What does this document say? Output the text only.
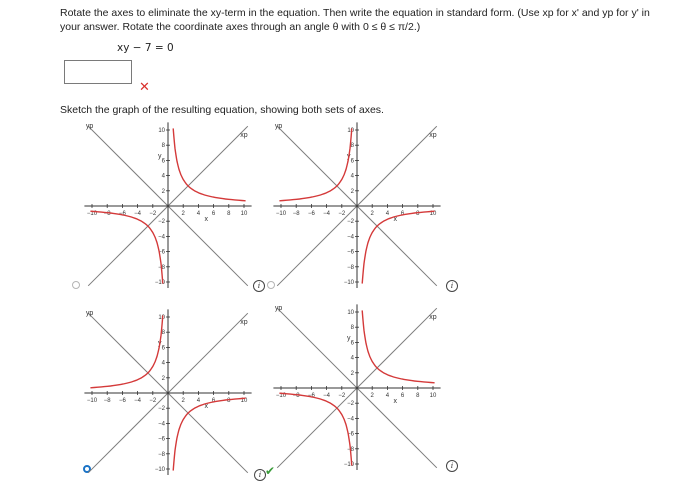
Rotate the axes to eliminate the xy-term in the equation. Then write the equation in standard form. (Use xp for x' and yp for y' in
your answer. Rotate the coordinate axes through an angle θ with 0 ≤ θ ≤ π/2.)
xy − 7 = 0
✕
Sketch the graph of the resulting equation, showing both sets of axes.
i	i
i ✔	i
−10 −8 −6 −4 −2	2 4 6 8 10
10
8
6
4
2
−2
−4
−6
−8
−10
x
y
xp
yp
−10 −8 −6 −4 −2	2 4 6 8 10
10
8
6
4
2
−2
−4
−6
−8
−10
x
y
xp
yp
−10 −8 −6 −4 −2	2 4 6 8 10
10
8
6
4
2
−2
−4
−6
−8
−10
x
y
xp
yp
−10 −8 −6 −4 −2	2 4 6 8 10
10
8
6
4
2
−2
−4
−6
−8
−10
x
y
xp
yp
